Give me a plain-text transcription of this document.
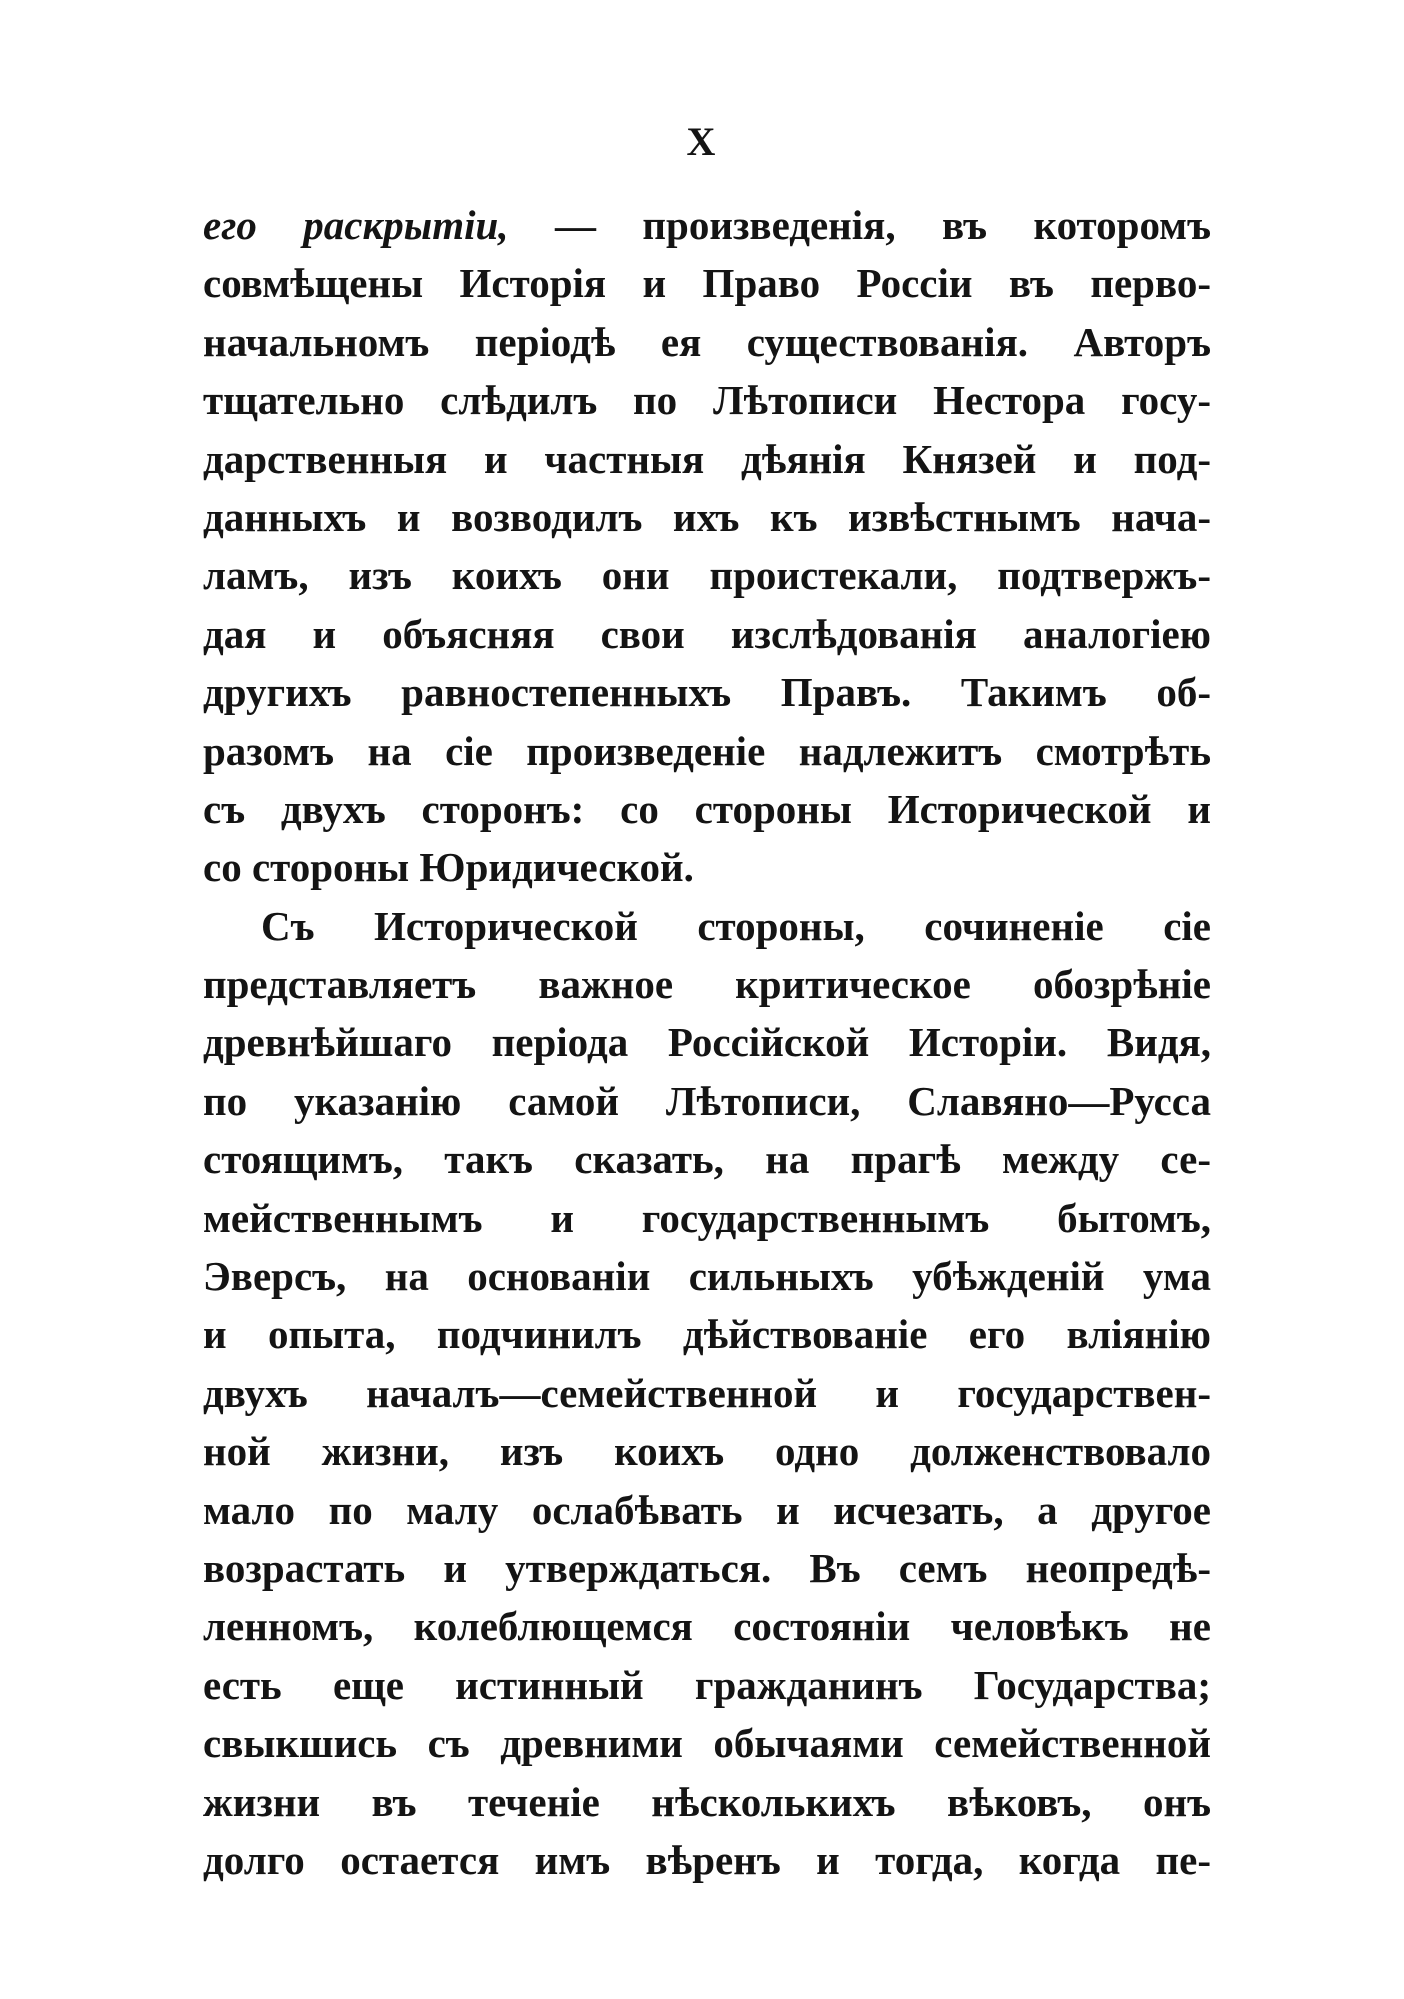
X
его раскрытіи, — произведенія, въ которомъ
совмѣщены Исторія и Право Россіи въ перво-
начальномъ періодѣ ея существованія. Авторъ
тщательно слѣдилъ по Лѣтописи Нестора госу-
дарственныя и частныя дѣянія Князей и под-
данныхъ и возводилъ ихъ къ извѣстнымъ нача-
ламъ, изъ коихъ они проистекали, подтвержъ-
дая и объясняя свои изслѣдованія аналогіею
другихъ равностепенныхъ Правъ. Такимъ об-
разомъ на сіе произведеніе надлежитъ смотрѣть
съ двухъ сторонъ: со стороны Исторической и
со стороны Юридической.
Съ Исторической стороны, сочиненіе сіе
представляетъ важное критическое обозрѣніе
древнѣйшаго періода Россійской Исторіи. Видя,
по указанію самой Лѣтописи, Славяно—Русса
стоящимъ, такъ сказать, на прагѣ между се-
мейственнымъ и государственнымъ бытомъ,
Эверсъ, на основаніи сильныхъ убѣжденій ума
и опыта, подчинилъ дѣйствованіе его вліянію
двухъ началъ—семейственной и государствен-
ной жизни, изъ коихъ одно долженствовало
мало по малу ослабѣвать и исчезать, а другое
возрастать и утверждаться. Въ семъ неопредѣ-
ленномъ, колеблющемся состояніи человѣкъ не
есть еще истинный гражданинъ Государства;
свыкшись съ древними обычаями семейственной
жизни въ теченіе нѣсколькихъ вѣковъ, онъ
долго остается имъ вѣренъ и тогда, когда пе-
